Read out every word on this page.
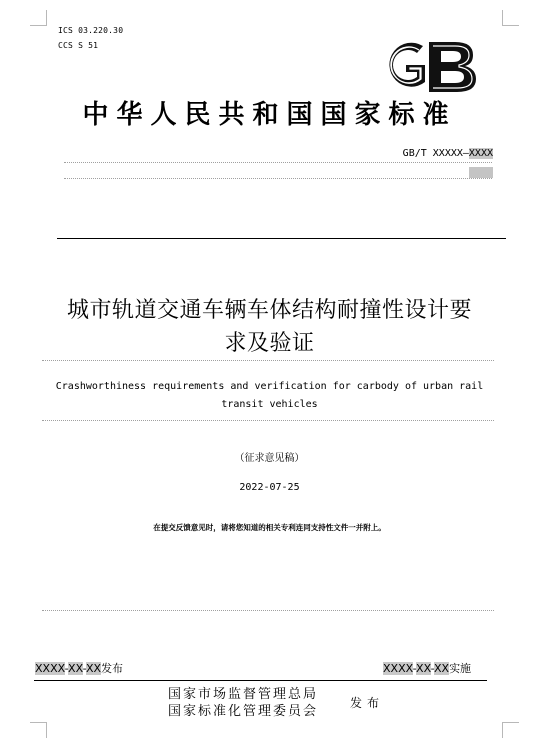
ICS 03.220.30
CCS S 51
中华人民共和国国家标准
GB/T XXXXX—XXXX
城市轨道交通车辆车体结构耐撞性设计要
求及验证
Crashworthiness requirements and verification for carbody of urban rail
transit vehicles
（征求意见稿）
2022-07-25
在提交反馈意见时，请将您知道的相关专利连同支持性文件一并附上。
XXXX-XX-XX发布	XXXX-XX-XX实施
国家市场监督管理总局
国家标准化管理委员会
发布
